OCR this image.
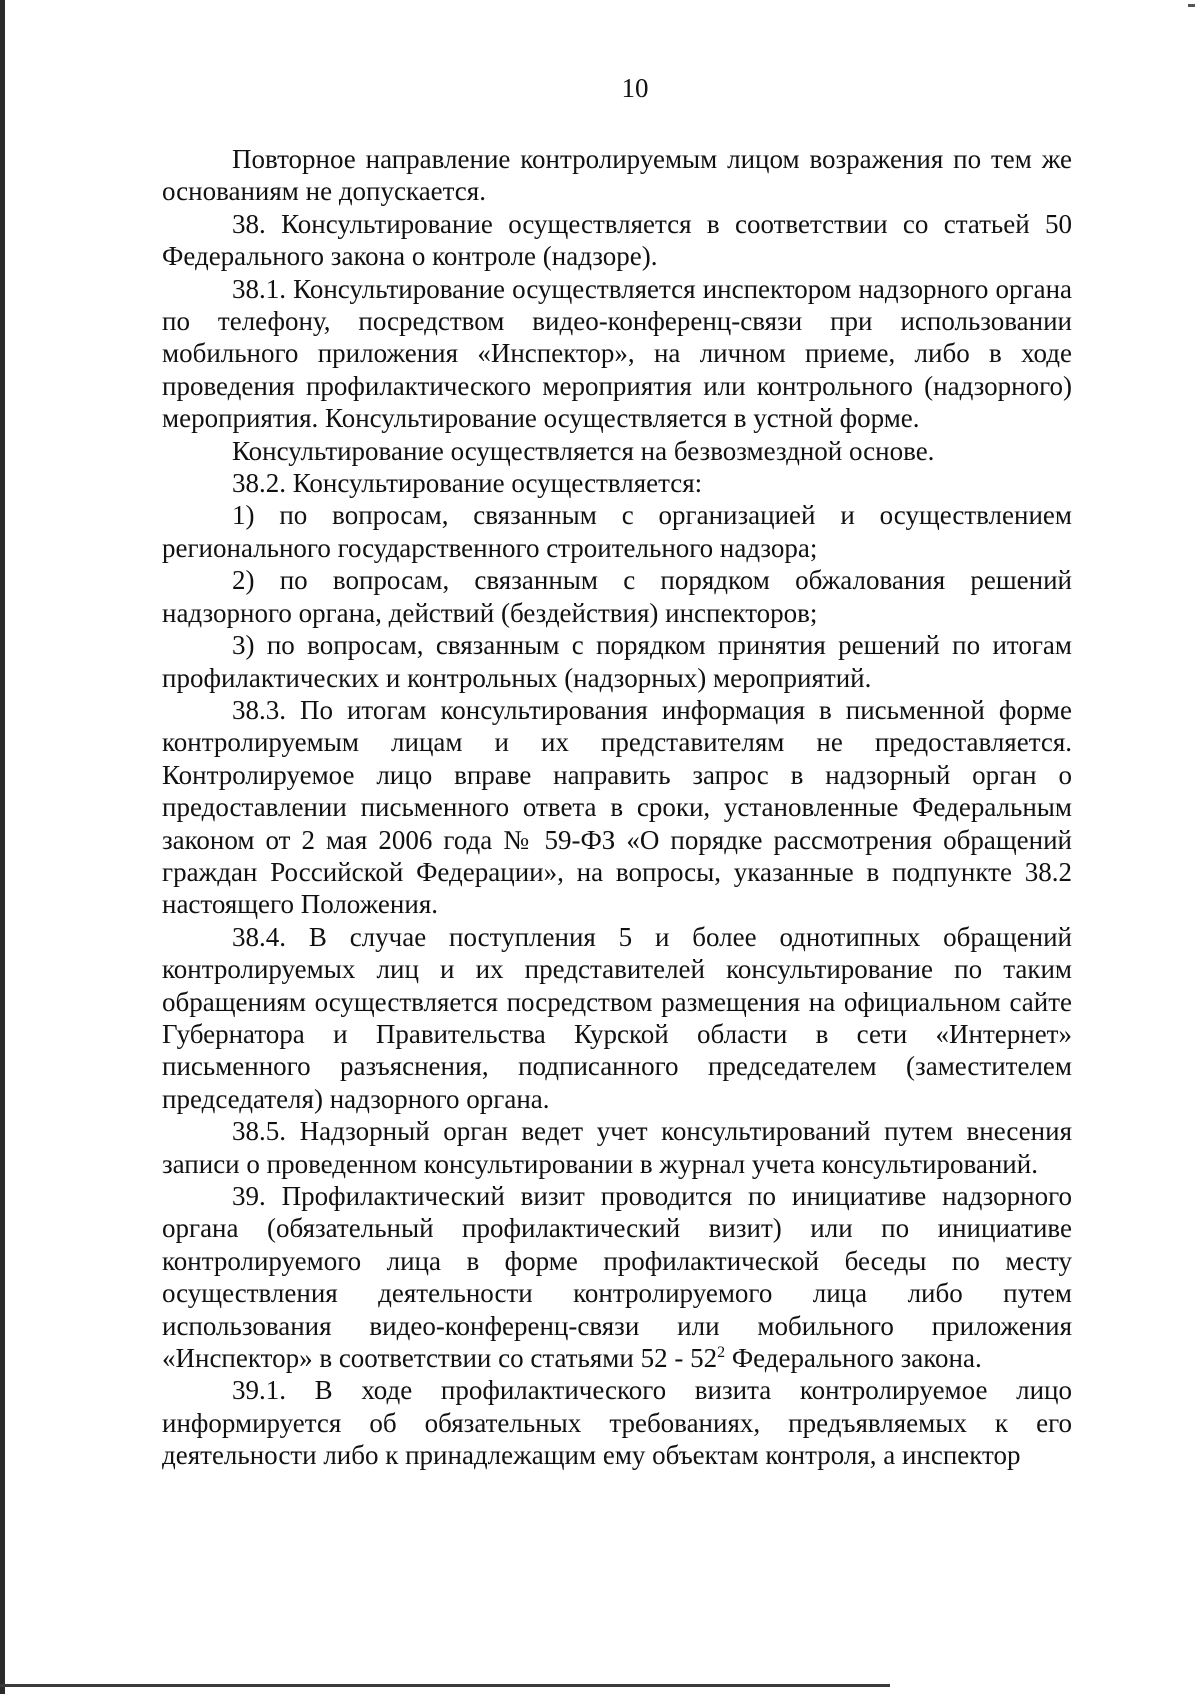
10

Повторное направление контролируемым лицом возражения по тем же основаниям не допускается.

38. Консультирование осуществляется в соответствии со статьей 50 Федерального закона о контроле (надзоре).

38.1. Консультирование осуществляется инспектором надзорного органа по телефону, посредством видео-конференц-связи при использовании мобильного приложения «Инспектор», на личном приеме, либо в ходе проведения профилактического мероприятия или контрольного (надзорного) мероприятия. Консультирование осуществляется в устной форме.

Консультирование осуществляется на безвозмездной основе.

38.2. Консультирование осуществляется:

1) по вопросам, связанным с организацией и осуществлением регионального государственного строительного надзора;

2) по вопросам, связанным с порядком обжалования решений надзорного органа, действий (бездействия) инспекторов;

3) по вопросам, связанным с порядком принятия решений по итогам профилактических и контрольных (надзорных) мероприятий.

38.3. По итогам консультирования информация в письменной форме контролируемым лицам и их представителям не предоставляется. Контролируемое лицо вправе направить запрос в надзорный орган о предоставлении письменного ответа в сроки, установленные Федеральным законом от 2 мая 2006 года № 59-ФЗ «О порядке рассмотрения обращений граждан Российской Федерации», на вопросы, указанные в подпункте 38.2 настоящего Положения.

38.4. В случае поступления 5 и более однотипных обращений контролируемых лиц и их представителей консультирование по таким обращениям осуществляется посредством размещения на официальном сайте Губернатора и Правительства Курской области в сети «Интернет» письменного разъяснения, подписанного председателем (заместителем председателя) надзорного органа.

38.5. Надзорный орган ведет учет консультирований путем внесения записи о проведенном консультировании в журнал учета консультирований.

39. Профилактический визит проводится по инициативе надзорного органа (обязательный профилактический визит) или по инициативе контролируемого лица в форме профилактической беседы по месту осуществления деятельности контролируемого лица либо путем использования видео-конференц-связи или мобильного приложения «Инспектор» в соответствии со статьями $52 - 52^2$ Федерального закона.

39.1. В ходе профилактического визита контролируемое лицо информируется об обязательных требованиях, предъявляемых к его деятельности либо к принадлежащим ему объектам контроля, а инспектор
